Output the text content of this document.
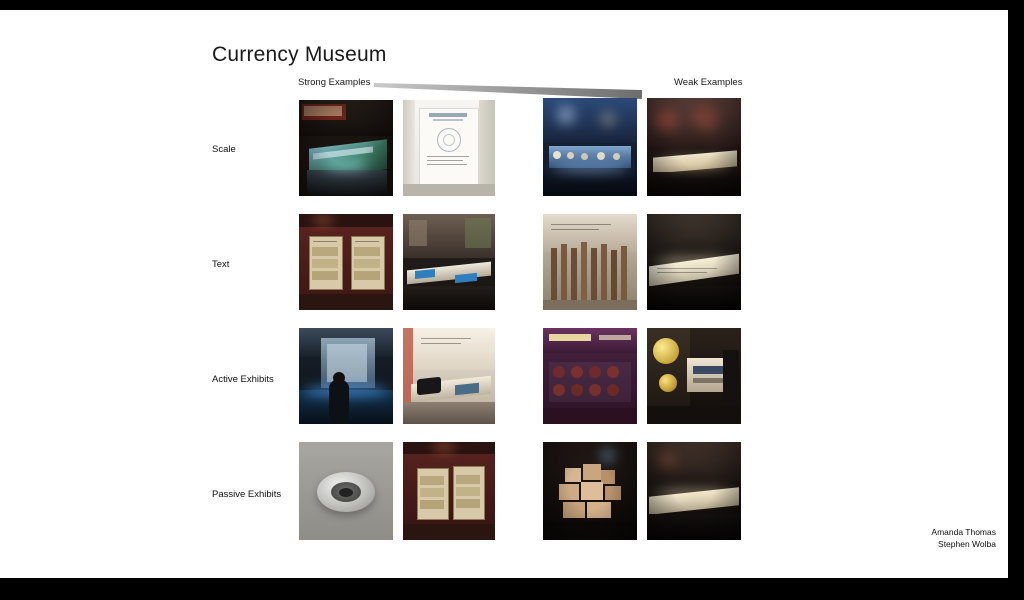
Currency Museum
Strong Examples	Weak Examples
Scale
Text
Active Exhibits
Passive Exhibits
Amanda Thomas
Stephen Wolba
